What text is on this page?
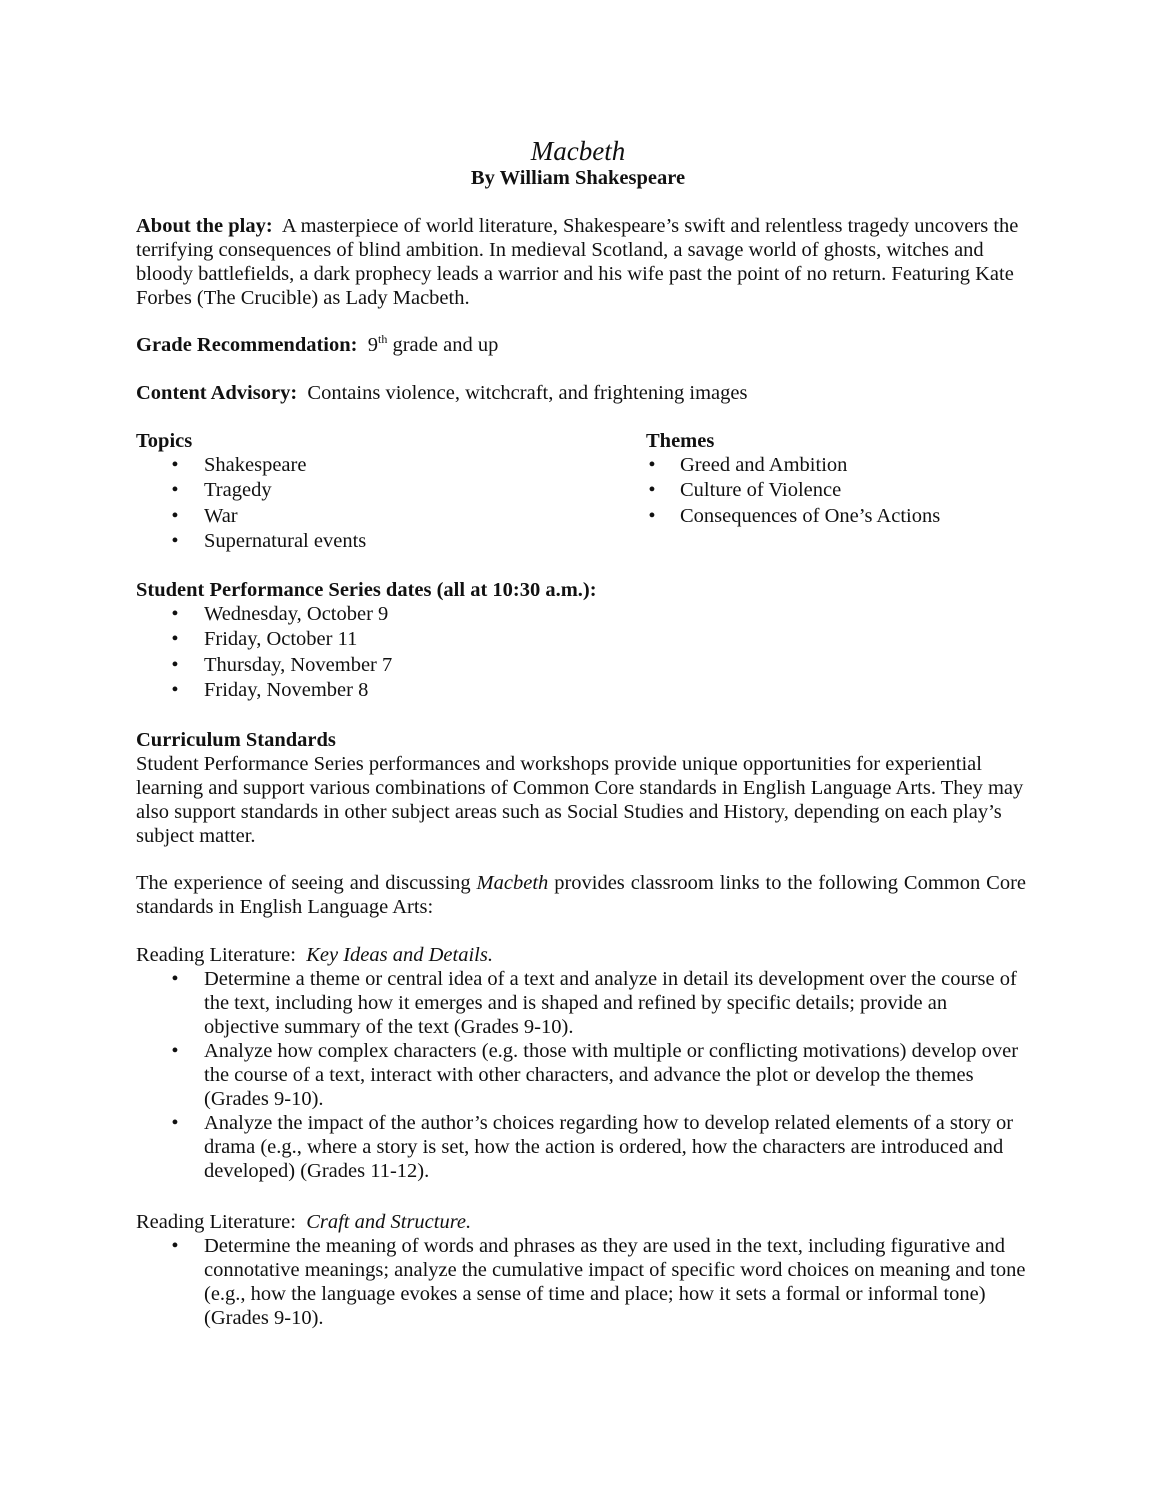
Macbeth
By William Shakespeare
About the play: A masterpiece of world literature, Shakespeare’s swift and relentless tragedy uncovers the terrifying consequences of blind ambition. In medieval Scotland, a savage world of ghosts, witches and bloody battlefields, a dark prophecy leads a warrior and his wife past the point of no return. Featuring Kate Forbes (The Crucible) as Lady Macbeth.
Grade Recommendation: 9th grade and up
Content Advisory: Contains violence, witchcraft, and frightening images
Topics
• Shakespeare
• Tragedy
• War
• Supernatural events
Themes
• Greed and Ambition
• Culture of Violence
• Consequences of One’s Actions
Student Performance Series dates (all at 10:30 a.m.):
• Wednesday, October 9
• Friday, October 11
• Thursday, November 7
• Friday, November 8
Curriculum Standards
Student Performance Series performances and workshops provide unique opportunities for experiential learning and support various combinations of Common Core standards in English Language Arts. They may also support standards in other subject areas such as Social Studies and History, depending on each play’s subject matter.
The experience of seeing and discussing Macbeth provides classroom links to the following Common Core standards in English Language Arts:
Reading Literature: Key Ideas and Details.
• Determine a theme or central idea of a text and analyze in detail its development over the course of the text, including how it emerges and is shaped and refined by specific details; provide an objective summary of the text (Grades 9-10).
• Analyze how complex characters (e.g. those with multiple or conflicting motivations) develop over the course of a text, interact with other characters, and advance the plot or develop the themes (Grades 9-10).
• Analyze the impact of the author’s choices regarding how to develop related elements of a story or drama (e.g., where a story is set, how the action is ordered, how the characters are introduced and developed) (Grades 11-12).
Reading Literature: Craft and Structure.
• Determine the meaning of words and phrases as they are used in the text, including figurative and connotative meanings; analyze the cumulative impact of specific word choices on meaning and tone (e.g., how the language evokes a sense of time and place; how it sets a formal or informal tone) (Grades 9-10).
